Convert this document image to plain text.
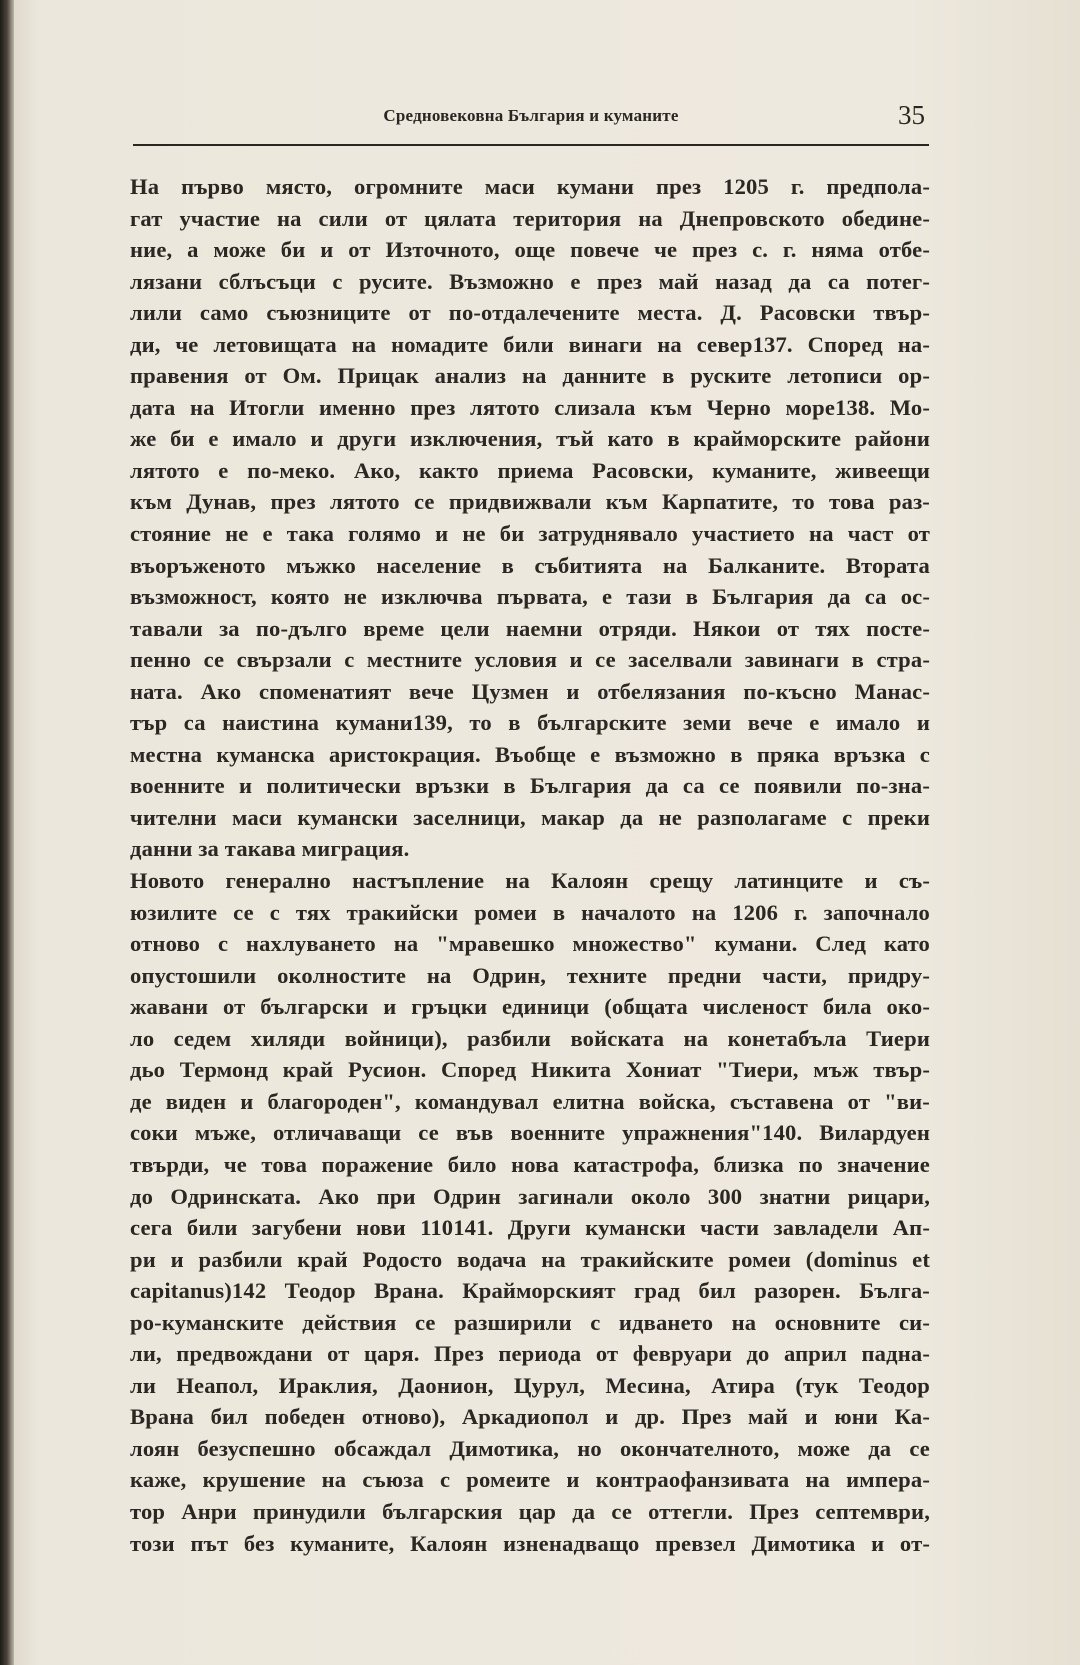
Средновековна България и куманите	35
На първо място, огромните маси кумани през 1205 г. предпола-
гат участие на сили от цялата територия на Днепровското обедине-
ние, а може би и от Източното, още повече че през с. г. няма отбе-
лязани сблъсъци с русите. Възможно е през май назад да са потег-
лили само съюзниците от по-отдалечените места. Д. Расовски твър-
ди, че летовищата на номадите били винаги на север137. Според на-
правения от Ом. Прицак анализ на данните в руските летописи ор-
дата на Итогли именно през лятото слизала към Черно море138. Мо-
же би е имало и други изключения, тъй като в крайморските райони
лятото е по-меко. Ако, както приема Расовски, куманите, живеещи
към Дунав, през лятото се придвижвали към Карпатите, то това раз-
стояние не е така голямо и не би затруднявало участието на част от
въоръженото мъжко население в събитията на Балканите. Втората
възможност, която не изключва първата, е тази в България да са ос-
тавали за по-дълго време цели наемни отряди. Някои от тях посте-
пенно се свързали с местните условия и се заселвали завинаги в стра-
ната. Ако споменатият вече Цузмен и отбелязания по-късно Манас-
тър са наистина кумани139, то в българските земи вече е имало и
местна куманска аристокрация. Въобще е възможно в пряка връзка с
военните и политически връзки в България да са се появили по-зна-
чителни маси кумански заселници, макар да не разполагаме с преки
данни за такава миграция.
Новото генерално настъпление на Калоян срещу латинците и съ-
юзилите се с тях тракийски ромеи в началото на 1206 г. започнало
отново с нахлуването на "мравешко множество" кумани. След като
опустошили околностите на Одрин, техните предни части, придру-
жавани от български и гръцки единици (общата численост била око-
ло седем хиляди войници), разбили войската на конетабъла Тиери
дьо Термонд край Русион. Според Никита Хониат "Тиери, мъж твър-
де виден и благороден", командувал елитна войска, съставена от "ви-
соки мъже, отличаващи се във военните упражнения"140. Вилардуен
твърди, че това поражение било нова катастрофа, близка по значение
до Одринската. Ако при Одрин загинали около 300 знатни рицари,
сега били загубени нови 110141. Други кумански части завладели Ап-
ри и разбили край Родосто водача на тракийските ромеи (dominus et
capitanus)142 Теодор Врана. Крайморският град бил разорен. Бълга-
ро-куманските действия се разширили с идването на основните си-
ли, предвождани от царя. През периода от февруари до април падна-
ли Неапол, Ираклия, Даонион, Цурул, Месина, Атира (тук Теодор
Врана бил победен отново), Аркадиопол и др. През май и юни Ка-
лоян безуспешно обсаждал Димотика, но окончателното, може да се
каже, крушение на съюза с ромеите и контраофанзивата на импера-
тор Анри принудили българския цар да се оттегли. През септември,
този път без куманите, Калоян изненадващо превзел Димотика и от-
